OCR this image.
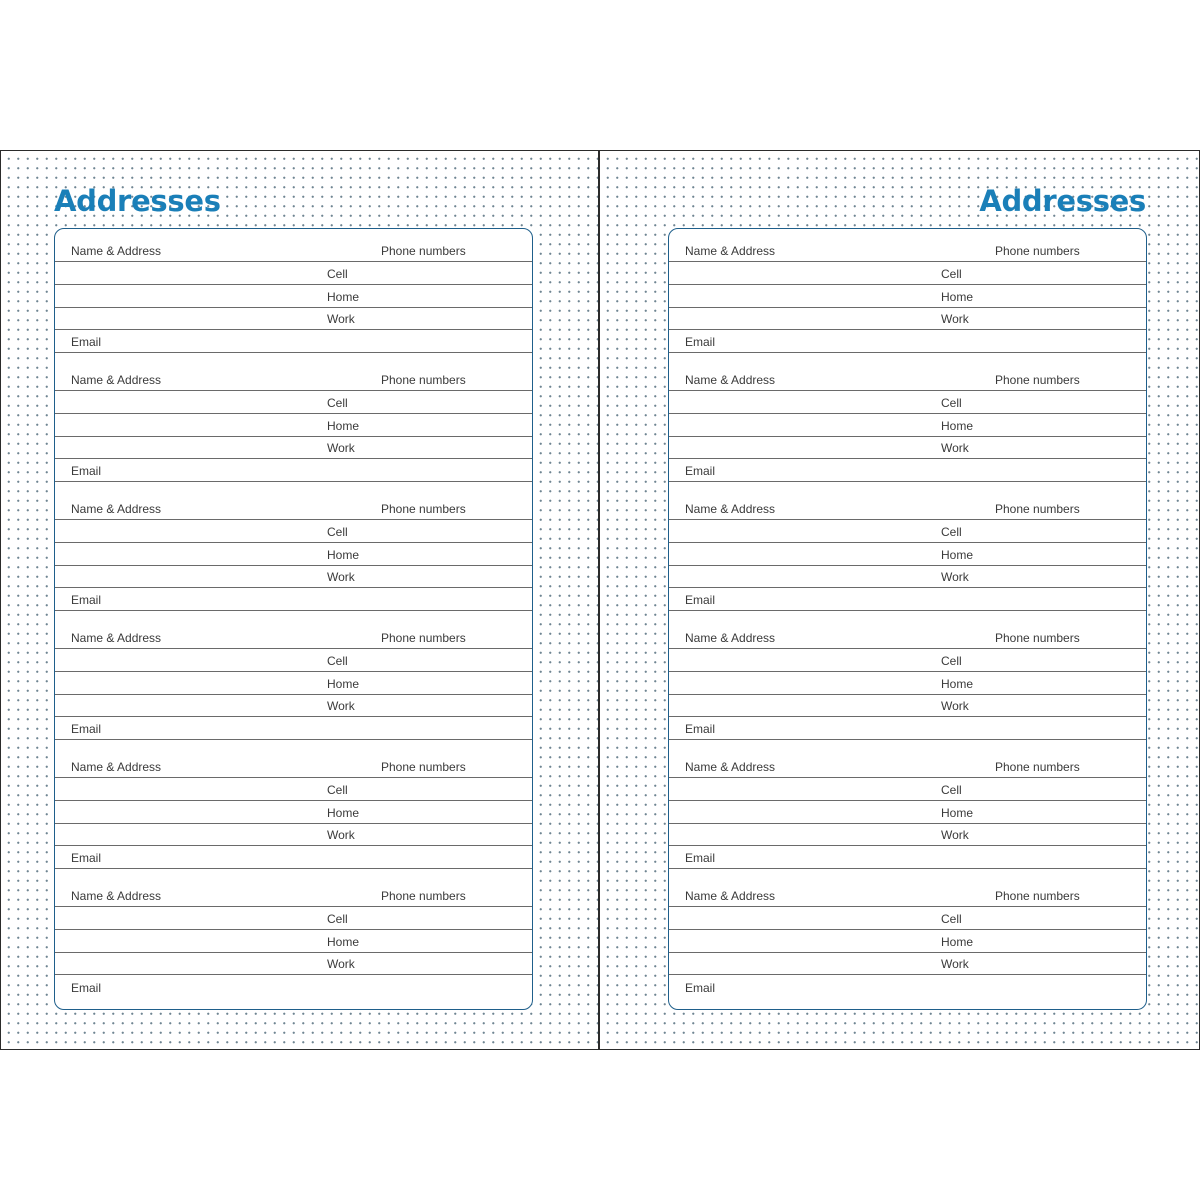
Addresses
Name & Address	Phone numbers
Cell
Home
Work
Email
Name & Address	Phone numbers
Cell
Home
Work
Email
Name & Address	Phone numbers
Cell
Home
Work
Email
Name & Address	Phone numbers
Cell
Home
Work
Email
Name & Address	Phone numbers
Cell
Home
Work
Email
Name & Address	Phone numbers
Cell
Home
Work
Email
Addresses
Name & Address	Phone numbers
Cell
Home
Work
Email
Name & Address	Phone numbers
Cell
Home
Work
Email
Name & Address	Phone numbers
Cell
Home
Work
Email
Name & Address	Phone numbers
Cell
Home
Work
Email
Name & Address	Phone numbers
Cell
Home
Work
Email
Name & Address	Phone numbers
Cell
Home
Work
Email
